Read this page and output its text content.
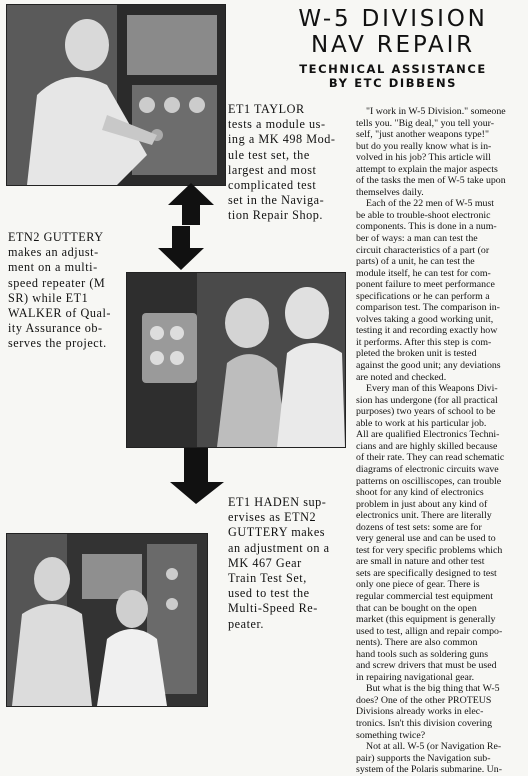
ET1 TAYLOR
tests a module us-
ing a MK 498 Mod-
ule test set, the
largest and most
complicated test
set in the Naviga-
tion Repair Shop.
ETN2 GUTTERY
makes an adjust-
ment on a multi-
speed repeater (M
SR) while ET1
WALKER of Qual-
ity Assurance ob-
serves the project.
ET1 HADEN sup-
ervises as ETN2
GUTTERY makes
an adjustment on a
MK 467 Gear
Train Test Set,
used to test the
Multi-Speed Re-
peater.
W-5 DIVISION
NAV REPAIR
TECHNICAL ASSISTANCE
BY ETC DIBBENS
"I work in W-5 Division." someone
tells you. "Big deal," you tell your-
self, "just another weapons type!"
but do you really know what is in-
volved in his job? This article will
attempt to explain the major aspects
of the tasks the men of W-5 take upon
themselves daily.
Each of the 22 men of W-5 must
be able to trouble-shoot electronic
components. This is done in a num-
ber of ways: a man can test the
circuit characteristics of a part (or
parts) of a unit, he can test the
module itself, he can test for com-
ponent failure to meet performance
specifications or he can perform a
comparison test. The comparison in-
volves taking a good working unit,
testing it and recording exactly how
it performs. After this step is com-
pleted the broken unit is tested
against the good unit; any deviations
are noted and checked.
Every man of this Weapons Divi-
sion has undergone (for all practical
purposes) two years of school to be
able to work at his particular job.
All are qualified Electronics Techni-
cians and are highly skilled because
of their rate. They can read schematic
diagrams of electronic circuits wave
patterns on oscilliscopes, can trouble
shoot for any kind of electronics
problem in just about any kind of
electronics unit. There are literally
dozens of test sets: some are for
very general use and can be used to
test for very specific problems which
are small in nature and other test
sets are specifically designed to test
only one piece of gear. There is
regular commercial test equipment
that can be bought on the open
market (this equipment is generally
used to test, allign and repair compo-
nents). There are also common
hand tools such as soldering guns
and screw drivers that must be used
in repairing navigational gear.
But what is the big thing that W-5
does? One of the other PROTEUS
Divisions already works in elec-
tronics. Isn't this division covering
something twice?
Not at all. W-5 (or Navigation Re-
pair) supports the Navigation sub-
system of the Polaris submarine. Un-
